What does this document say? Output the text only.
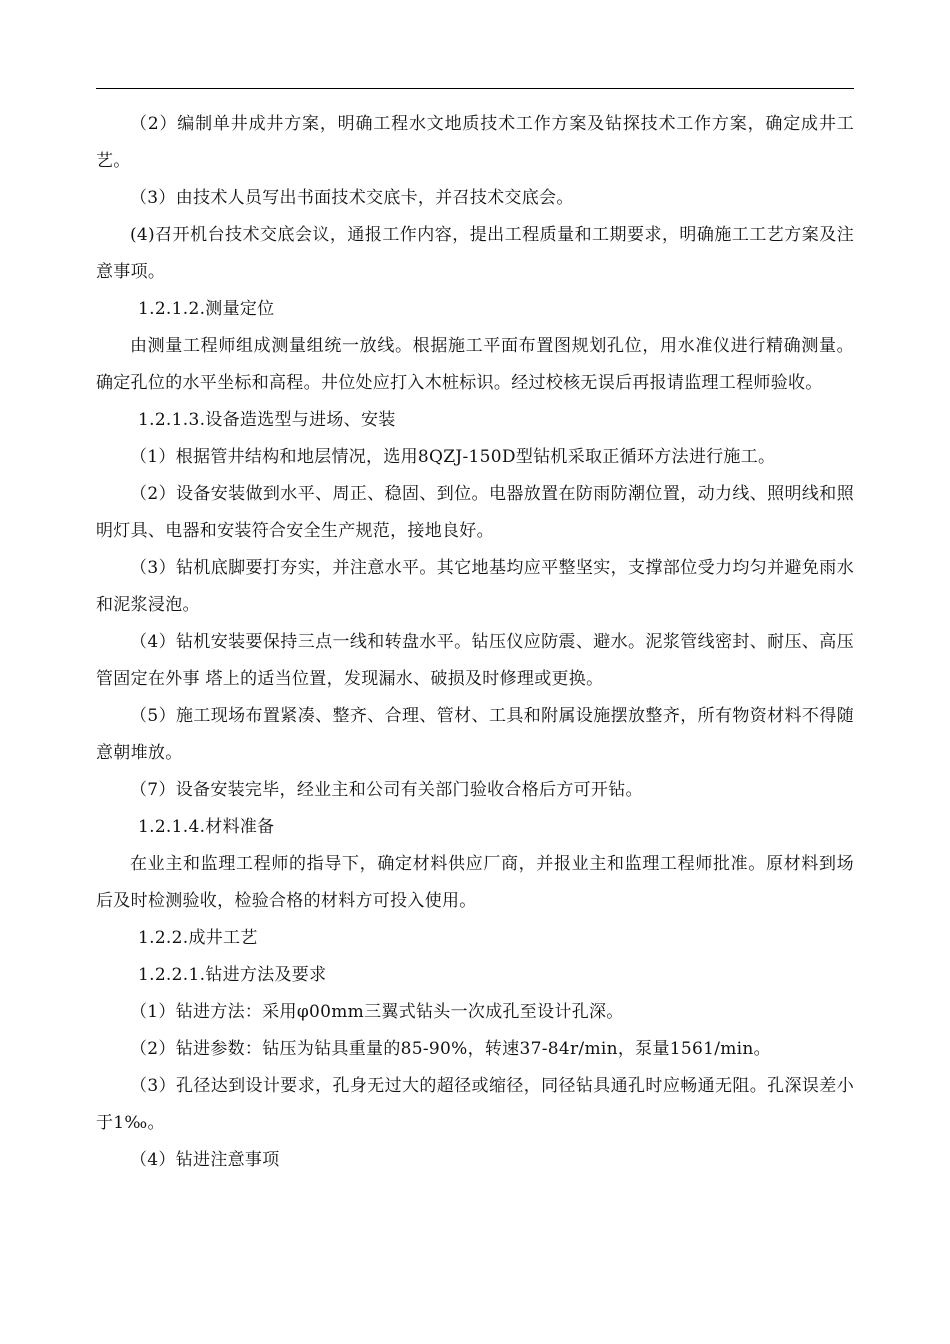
（2）编制单井成井方案，明确工程水文地质技术工作方案及钻探技术工作方案，确定成井工艺。

（3）由技术人员写出书面技术交底卡，并召技术交底会。

(4)召开机台技术交底会议，通报工作内容，提出工程质量和工期要求，明确施工工艺方案及注意事项。

1.2.1.2.测量定位

由测量工程师组成测量组统一放线。根据施工平面布置图规划孔位，用水准仪进行精确测量。确定孔位的水平坐标和高程。井位处应打入木桩标识。经过校核无误后再报请监理工程师验收。

1.2.1.3.设备造选型与进场、安装

（1）根据管井结构和地层情况，选用8QZJ-150D型钻机采取正循环方法进行施工。

（2）设备安装做到水平、周正、稳固、到位。电器放置在防雨防潮位置，动力线、照明线和照明灯具、电器和安装符合安全生产规范，接地良好。

（3）钻机底脚要打夯实，并注意水平。其它地基均应平整坚实，支撑部位受力均匀并避免雨水和泥浆浸泡。

（4）钻机安装要保持三点一线和转盘水平。钻压仪应防震、避水。泥浆管线密封、耐压、高压管固定在外事 塔上的适当位置，发现漏水、破损及时修理或更换。

（5）施工现场布置紧凑、整齐、合理、管材、工具和附属设施摆放整齐，所有物资材料不得随意朝堆放。

（7）设备安装完毕，经业主和公司有关部门验收合格后方可开钻。

1.2.1.4.材料准备

在业主和监理工程师的指导下，确定材料供应厂商，并报业主和监理工程师批准。原材料到场后及时检测验收，检验合格的材料方可投入使用。

1.2.2.成井工艺

1.2.2.1.钻进方法及要求

（1）钻进方法：采用φ00mm三翼式钻头一次成孔至设计孔深。

（2）钻进参数：钻压为钻具重量的85-90%，转速37-84r/min，泵量1561/min。

（3）孔径达到设计要求，孔身无过大的超径或缩径，同径钻具通孔时应畅通无阻。孔深误差小于1‰。

（4）钻进注意事项
